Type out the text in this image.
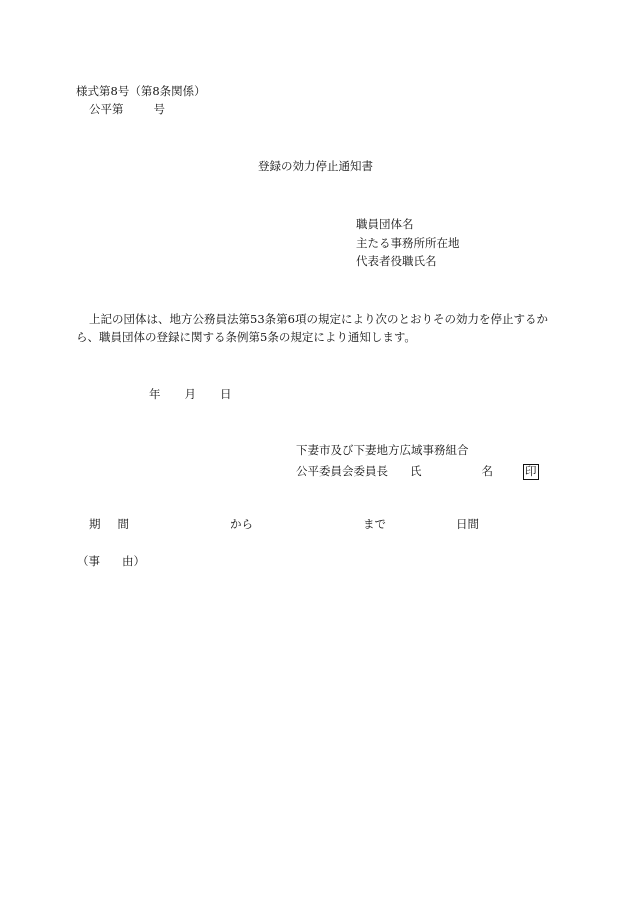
様式第8号（第8条関係）
公平第	号
登録の効力停止通知書
職員団体名
主たる事務所所在地
代表者役職氏名

上記の団体は、地方公務員法第53条第6項の規定により次のとおりその効力を停止するから、職員団体の登録に関する条例第5条の規定により通知します。

年 月 日
下妻市及び下妻地方広域事務組合
公平委員会委員長 氏	名	印
期 間	から	まで	日間
（事 由）
